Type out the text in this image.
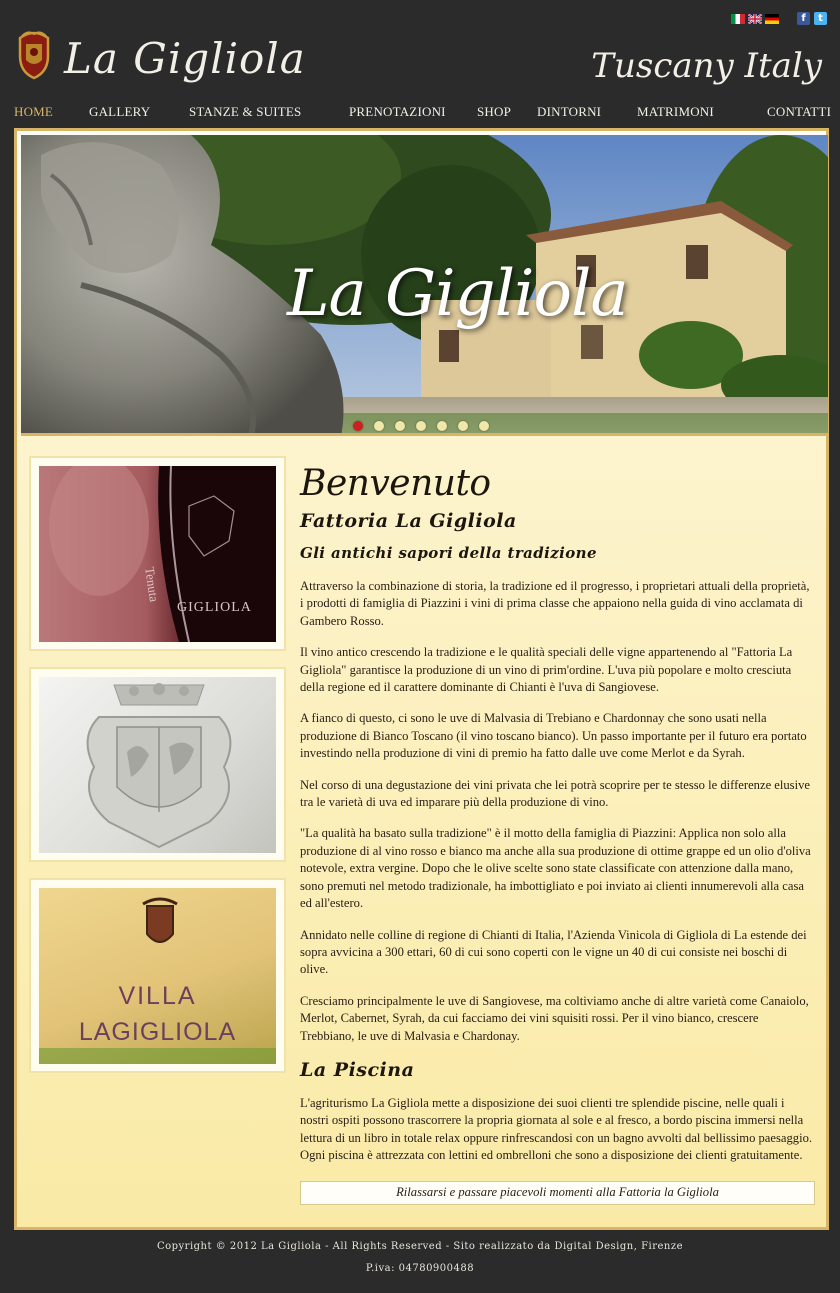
La Gigliola	Tuscany Italy
f	t
HOME	GALLERY	STANZE & SUITES	PRENOTAZIONI SHOP DINTORNI	MATRIMONI	CONTATTI
La Gigliola
Tenuta
GIGLIOLA
VILLA
LAGIGLIOLA
Benvenuto
Fattoria La Gigliola
Gli antichi sapori della tradizione

Attraverso la combinazione di storia, la tradizione ed il progresso, i proprietari attuali della proprietà, i prodotti di famiglia di Piazzini i vini di prima classe che appaiono nella guida di vino acclamata di Gambero Rosso.

Il vino antico crescendo la tradizione e le qualità speciali delle vigne appartenendo al "Fattoria La Gigliola" garantisce la produzione di un vino di prim'ordine. L'uva più popolare e molto cresciuta della regione ed il carattere dominante di Chianti è l'uva di Sangiovese.

A fianco di questo, ci sono le uve di Malvasia di Trebiano e Chardonnay che sono usati nella produzione di Bianco Toscano (il vino toscano bianco). Un passo importante per il futuro era portato investindo nella produzione di vini di premio ha fatto dalle uve come Merlot e da Syrah.

Nel corso di una degustazione dei vini privata che lei potrà scoprire per te stesso le differenze elusive tra le varietà di uva ed imparare più della produzione di vino.

"La qualità ha basato sulla tradizione" è il motto della famiglia di Piazzini: Applica non solo alla produzione di al vino rosso e bianco ma anche alla sua produzione di ottime grappe ed un olio d'oliva notevole, extra vergine. Dopo che le olive scelte sono state classificate con attenzione dalla mano, sono premuti nel metodo tradizionale, ha imbottigliato e poi inviato ai clienti innumerevoli alla casa ed all'estero.

Annidato nelle colline di regione di Chianti di Italia, l'Azienda Vinicola di Gigliola di La estende dei sopra avvicina a 300 ettari, 60 di cui sono coperti con le vigne un 40 di cui consiste nei boschi di olive.

Cresciamo principalmente le uve di Sangiovese, ma coltiviamo anche di altre varietà come Canaiolo, Merlot, Cabernet, Syrah, da cui facciamo dei vini squisiti rossi. Per il vino bianco, crescere Trebbiano, le uve di Malvasia e Chardonay.

La Piscina

L'agriturismo La Gigliola mette a disposizione dei suoi clienti tre splendide piscine, nelle quali i nostri ospiti possono trascorrere la propria giornata al sole e al fresco, a bordo piscina immersi nella lettura di un libro in totale relax oppure rinfrescandosi con un bagno avvolti dal bellissimo paesaggio. Ogni piscina è attrezzata con lettini ed ombrelloni che sono a disposizione dei clienti gratuitamente.

Rilassarsi e passare piacevoli momenti alla Fattoria la Gigliola
Copyright © 2012 La Gigliola - All Rights Reserved - Sito realizzato da Digital Design, Firenze
P.iva: 04780900488
